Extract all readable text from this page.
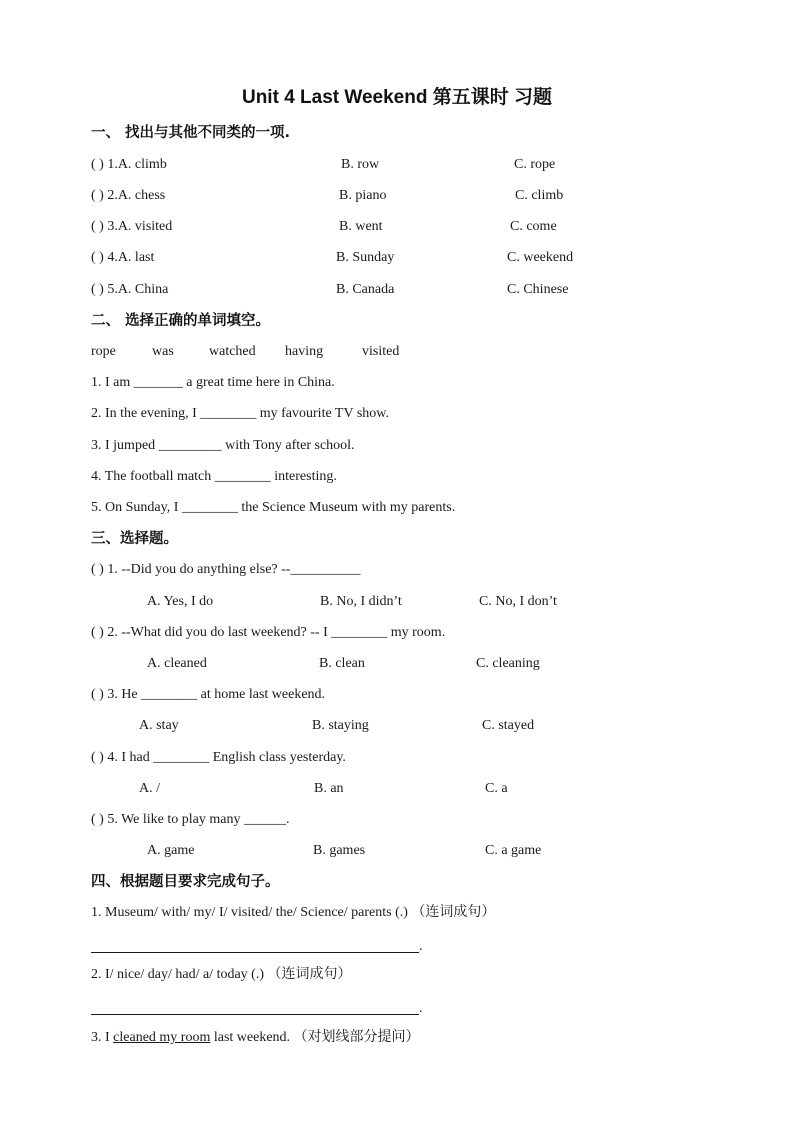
Unit 4 Last Weekend 第五课时 习题
一、 找出与其他不同类的一项.
( ) 1.A. climb	B. row	C. rope
( ) 2.A. chess	B. piano	C. climb
( ) 3.A. visited	B. went	C. come
( ) 4.A. last	B. Sunday	C. weekend
( ) 5.A. China	B. Canada	C. Chinese
二、 选择正确的单词填空。
rope	was	watched having	visited
1. I am _______ a great time here in China.
2. In the evening, I ________ my favourite TV show.
3. I jumped _________ with Tony after school.
4. The football match ________ interesting.
5. On Sunday, I ________ the Science Museum with my parents.
三、选择题。
( ) 1. --Did you do anything else? --__________
A. Yes, I do	B. No, I didn’t	C. No, I don’t
( ) 2. --What did you do last weekend? -- I ________ my room.
A. cleaned	B. clean	C. cleaning
( ) 3. He ________ at home last weekend.
A. stay	B. staying	C. stayed
( ) 4. I had ________ English class yesterday.
A. /	B. an	C. a
( ) 5. We like to play many ______.
A. game	B. games	C. a game
四、根据题目要求完成句子。
1. Museum/ with/ my/ I/ visited/ the/ Science/ parents (.) （连词成句）
.
2. I/ nice/ day/ had/ a/ today (.) （连词成句）
.
3. I cleaned my room last weekend. （对划线部分提问）
